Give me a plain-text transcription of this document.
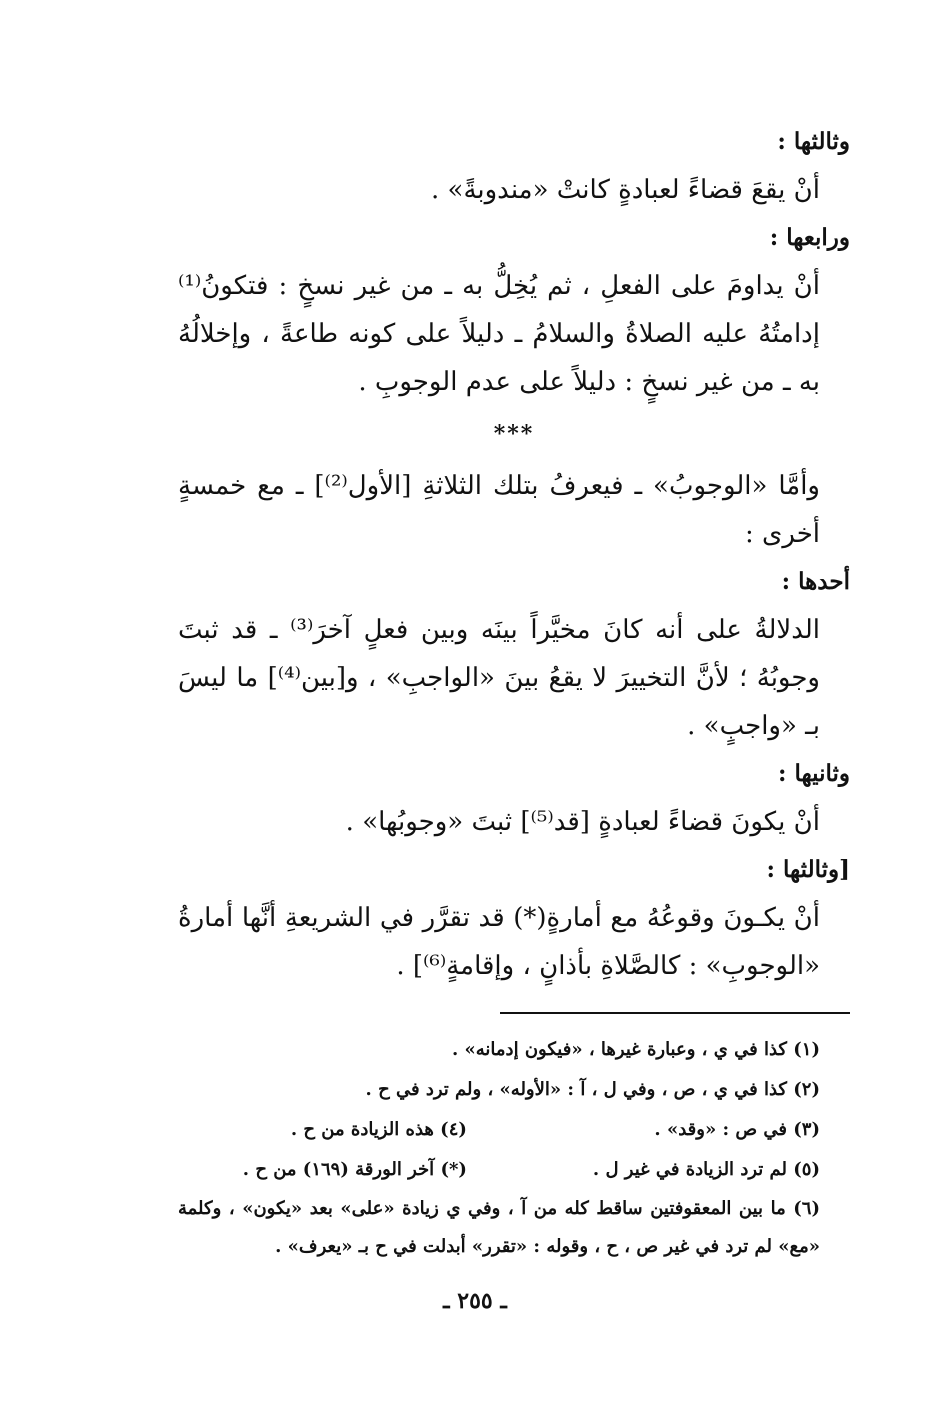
وثالثها :

أنْ يقعَ قضاءً لعبادةٍ كانتْ «مندوبةً» .

ورابعها :

أنْ يداومَ على الفعلِ ، ثم يُخِلُّ به ـ من غير نسخٍ : فتكونُ⁽¹⁾ إدامتُهُ عليه الصلاةُ والسلامُ ـ دليلاً على كونه طاعةً ، وإخلالُهُ به ـ من غير نسخٍ : دليلاً على عدم الوجوبِ .

***

وأمَّا «الوجوبُ» ـ فيعرفُ بتلك الثلاثةِ [الأول⁽²⁾] ـ مع خمسةٍ أخرى :

أحدها :

الدلالةُ على أنه كانَ مخيَّراً بينَه وبين فعلٍ آخرَ⁽³⁾ ـ قد ثبتَ وجوبُهُ ؛ لأنَّ التخييرَ لا يقعُ بينَ «الواجبِ» ، و[بين⁽⁴⁾] ما ليسَ بـ «واجبٍ» .

وثانيها :

أنْ يكونَ قضاءً لعبادةٍ [قد⁽⁵⁾] ثبتَ «وجوبُها» .

[وثالثها :

أنْ يكـونَ وقوعُهُ مع أمارةٍ(*) قد تقرَّر في الشريعةِ أنَّها أمارةُ «الوجوبِ» : كالصَّلاةِ بأذانٍ ، وإقامةٍ⁽⁶⁾] .

(١) كذا في ي ، وعبارة غيرها ، «فيكون إدمانه» .
(٢) كذا في ي ، ص ، وفي ل ، آ : «الأوله» ، ولم ترد في ح .
(٣) في ص : «وقد» .
(٤) هذه الزيادة من ح .
(٥) لم ترد الزيادة في غير ل .
(*) آخر الورقة (١٦٩) من ح .
(٦) ما بين المعقوفتين ساقط كله من آ ، وفي ي زيادة «على» بعد «يكون» ، وكلمة «مع» لم ترد في غير ص ، ح ، وقوله : «تقرر» أبدلت في ح بـ «يعرف» .
ـ ٢٥٥ ـ
